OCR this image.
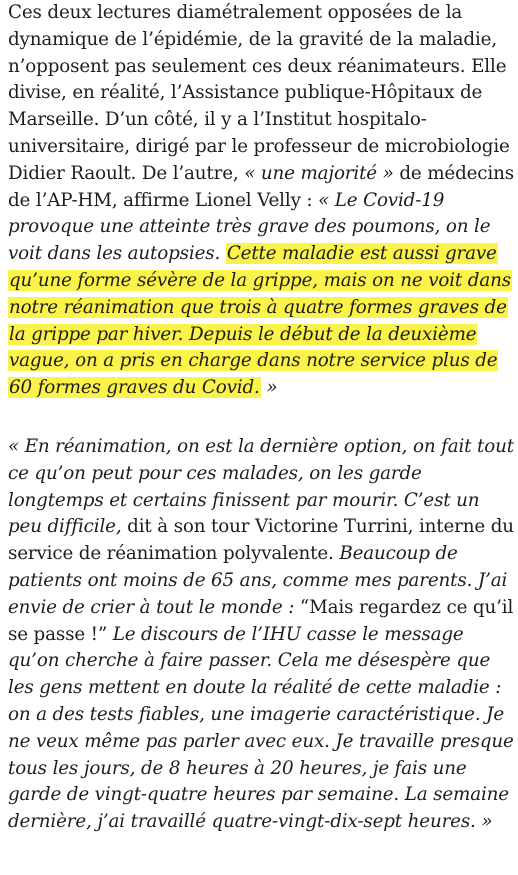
Ces deux lectures diamétralement opposées de la dynamique de l’épidémie, de la gravité de la maladie, n’opposent pas seulement ces deux réanimateurs. Elle divise, en réalité, l’Assistance publique-Hôpitaux de Marseille. D’un côté, il y a l’Institut hospitalo-universitaire, dirigé par le professeur de microbiologie Didier Raoult. De l’autre, « une majorité » de médecins de l’AP-HM, affirme Lionel Velly : « Le Covid-19 provoque une atteinte très grave des poumons, on le voit dans les autopsies. Cette maladie est aussi grave qu’une forme sévère de la grippe, mais on ne voit dans notre réanimation que trois à quatre formes graves de la grippe par hiver. Depuis le début de la deuxième vague, on a pris en charge dans notre service plus de 60 formes graves du Covid. »

« En réanimation, on est la dernière option, on fait tout ce qu’on peut pour ces malades, on les garde longtemps et certains finissent par mourir. C’est un peu difficile, dit à son tour Victorine Turrini, interne du service de réanimation polyvalente. Beaucoup de patients ont moins de 65 ans, comme mes parents. J’ai envie de crier à tout le monde : “Mais regardez ce qu’il se passe !” Le discours de l’IHU casse le message qu’on cherche à faire passer. Cela me désespère que les gens mettent en doute la réalité de cette maladie : on a des tests fiables, une imagerie caractéristique. Je ne veux même pas parler avec eux. Je travaille presque tous les jours, de 8 heures à 20 heures, je fais une garde de vingt-quatre heures par semaine. La semaine dernière, j’ai travaillé quatre-vingt-dix-sept heures. »
